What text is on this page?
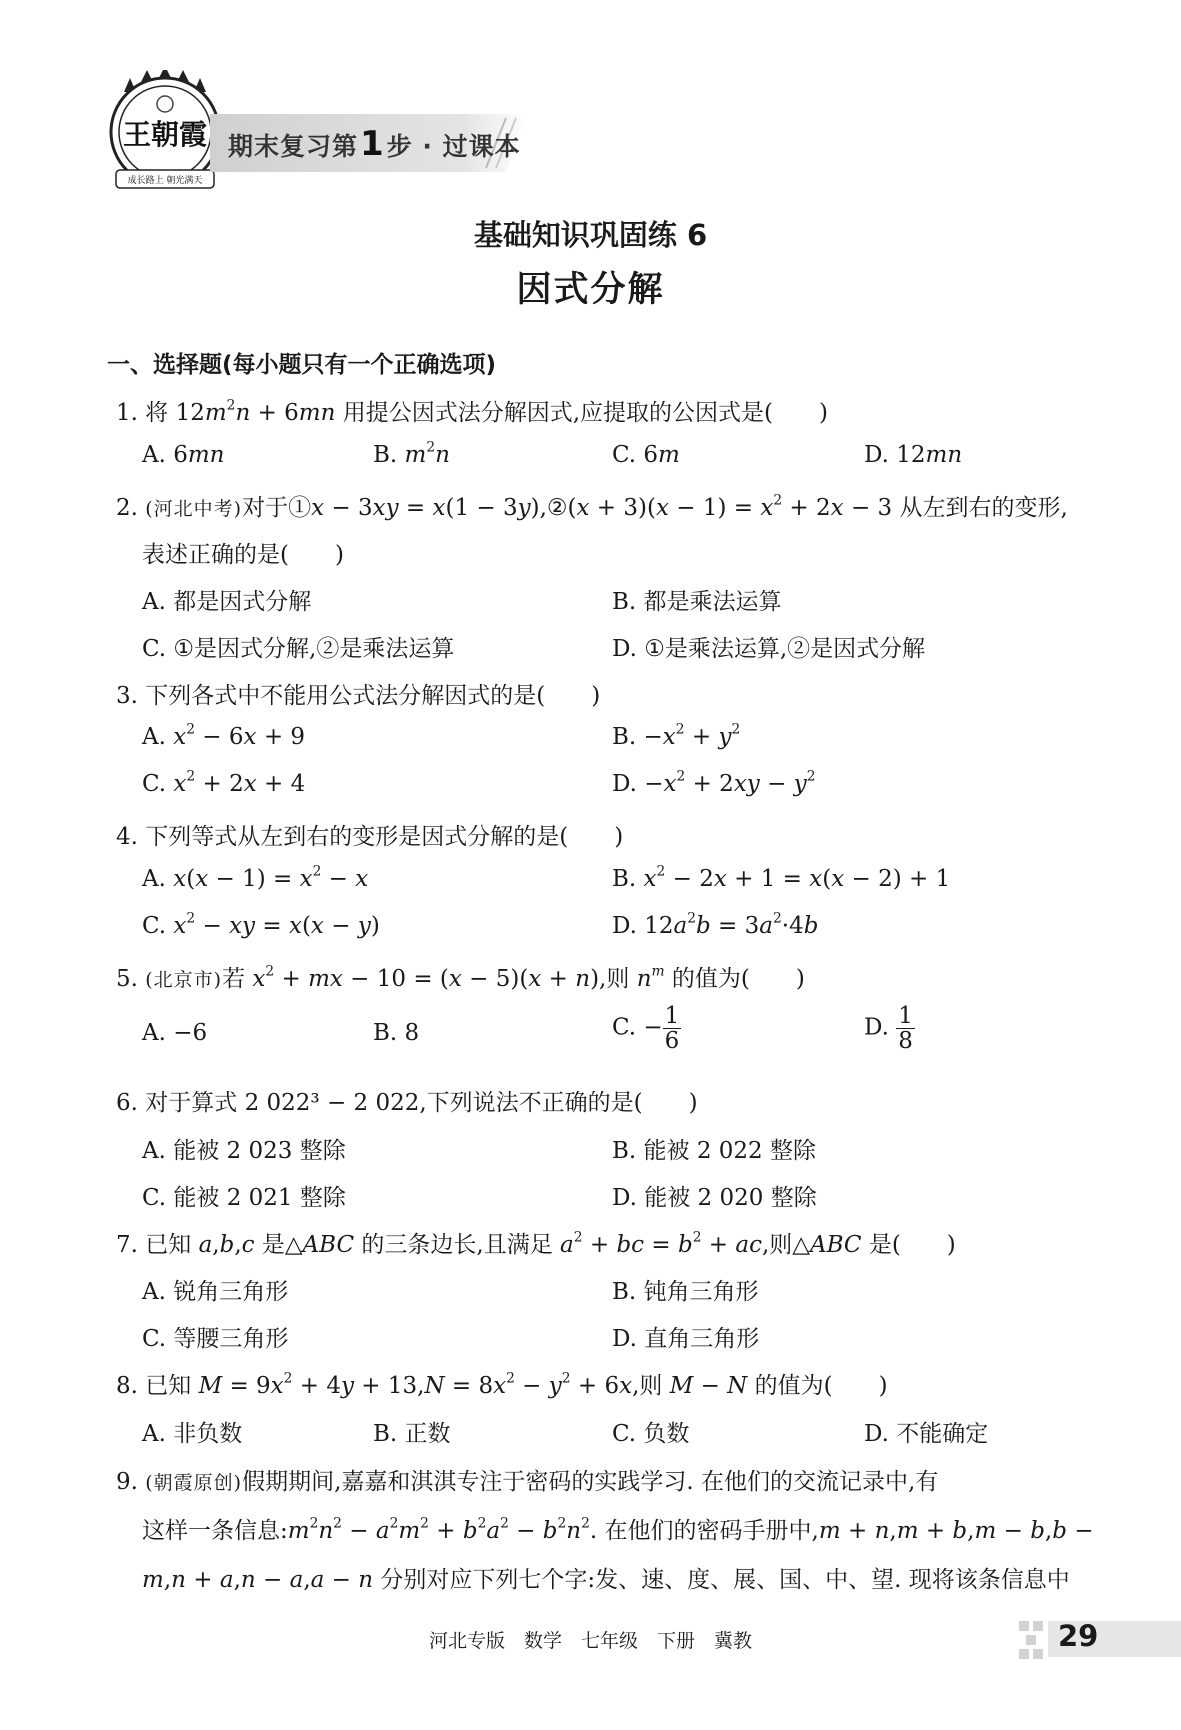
王朝霞
成长路上 朝光满天
期末复习第1步 · 过课本
基础知识巩固练 6
因式分解
一、选择题(每小题只有一个正确选项)
1. 将 $12m^2n + 6mn$ 用提公因式法分解因式,应提取的公因式是(　　)
A. 6mn	B. $m^2n$	C. 6m	D. 12mn
2. (河北中考)对于①x − 3xy = x(1 − 3y),②(x + $3)(x - 1) = x^2 + 2x - 3$ 从左到右的变形,
表述正确的是(　　)
A. 都是因式分解	B. 都是乘法运算
C. ①是因式分解,②是乘法运算	D. ①是乘法运算,②是因式分解
3. 下列各式中不能用公式法分解因式的是(　　)
A. $x^2 - 6x + 9$	B. $-x^2 + y^2$
C. $x^2 + 2x + 4$	D. $-x^2 + 2xy - y^2$
4. 下列等式从左到右的变形是因式分解的是(　　)
A. $x(x - 1) = x^2 - x$	B. $x^2 - 2x + 1 = x(x - 2) + 1$
C. $x^2$ − xy = x(x − y)	D. $12a^2b = 3a^2\cdot 4b$
5. (北京市)若 $x^2$ + mx − 10 = (x − 5)(x + n),则 $n^m$ 的值为(　　)
A. −6	B. 8	C. − $\frac{1}{6}$	D. $\frac{1}{8}$
6. 对于算式 2 022³ − 2 022,下列说法不正确的是(　　)
A. 能被 2 023 整除	B. 能被 2 022 整除
C. 能被 2 021 整除	D. 能被 2 020 整除
7. 已知 a,b,c 是△ABC 的三条边长,且满足 $a^2$ + bc = $b^2$ + ac,则△ABC 是(　　)
A. 锐角三角形	B. 钝角三角形
C. 等腰三角形	D. 直角三角形
8. 已知 $M = 9x^2 + 4y + 13,N = 8x^2 - y^2 + 6x$,则 M − N 的值为(　　)
A. 非负数	B. 正数	C. 负数	D. 不能确定
9. (朝霞原创)假期期间,嘉嘉和淇淇专注于密码的实践学习. 在他们的交流记录中,有
这样一条信息$:m^2n^2 - a^2m^2 + b^2a^2 - b^2n^2$. 在他们的密码手册中,m + n,m + b,m − b,b −
m,n + a,n − a,a − n 分别对应下列七个字:发、速、度、展、国、中、望. 现将该条信息中
河北专版　数学　七年级　下册　冀教	29
